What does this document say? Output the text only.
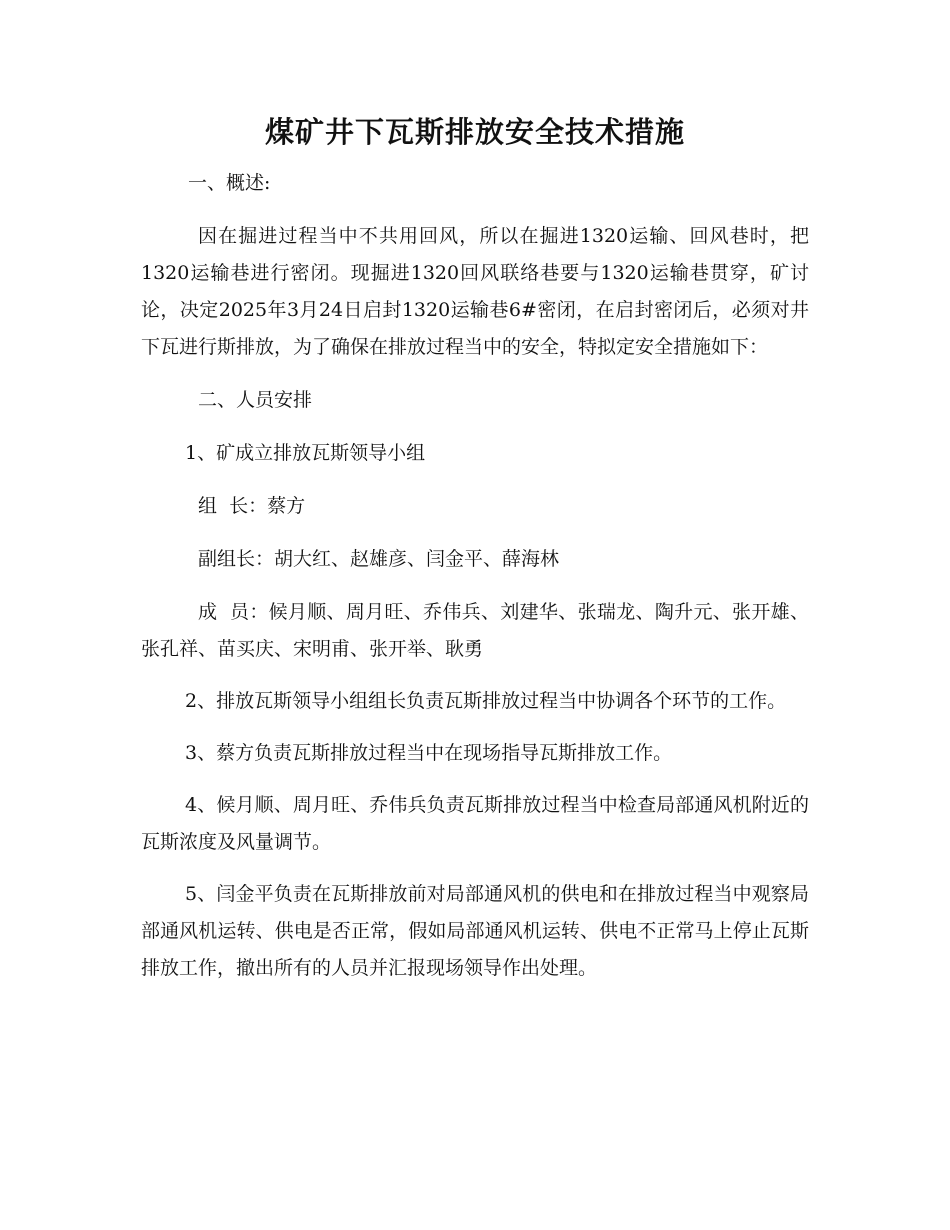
煤矿井下瓦斯排放安全技术措施

一、概述:

因在掘进过程当中不共用回风，所以在掘进1320运输、回风巷时，把1320运输巷进行密闭。现掘进1320回风联络巷要与1320运输巷贯穿，矿讨论，决定2025年3月24日启封1320运输巷6#密闭，在启封密闭后，必须对井下瓦进行斯排放，为了确保在排放过程当中的安全，特拟定安全措施如下：

二、人员安排

1、矿成立排放瓦斯领导小组

组  长：蔡方

副组长：胡大红、赵雄彦、闫金平、薛海林

成  员：候月顺、周月旺、乔伟兵、刘建华、张瑞龙、陶升元、张开雄、张孔祥、苗买庆、宋明甫、张开举、耿勇

2、排放瓦斯领导小组组长负责瓦斯排放过程当中协调各个环节的工作。

3、蔡方负责瓦斯排放过程当中在现场指导瓦斯排放工作。

4、候月顺、周月旺、乔伟兵负责瓦斯排放过程当中检查局部通风机附近的瓦斯浓度及风量调节。

5、闫金平负责在瓦斯排放前对局部通风机的供电和在排放过程当中观察局部通风机运转、供电是否正常，假如局部通风机运转、供电不正常马上停止瓦斯排放工作，撤出所有的人员并汇报现场领导作出处理。
